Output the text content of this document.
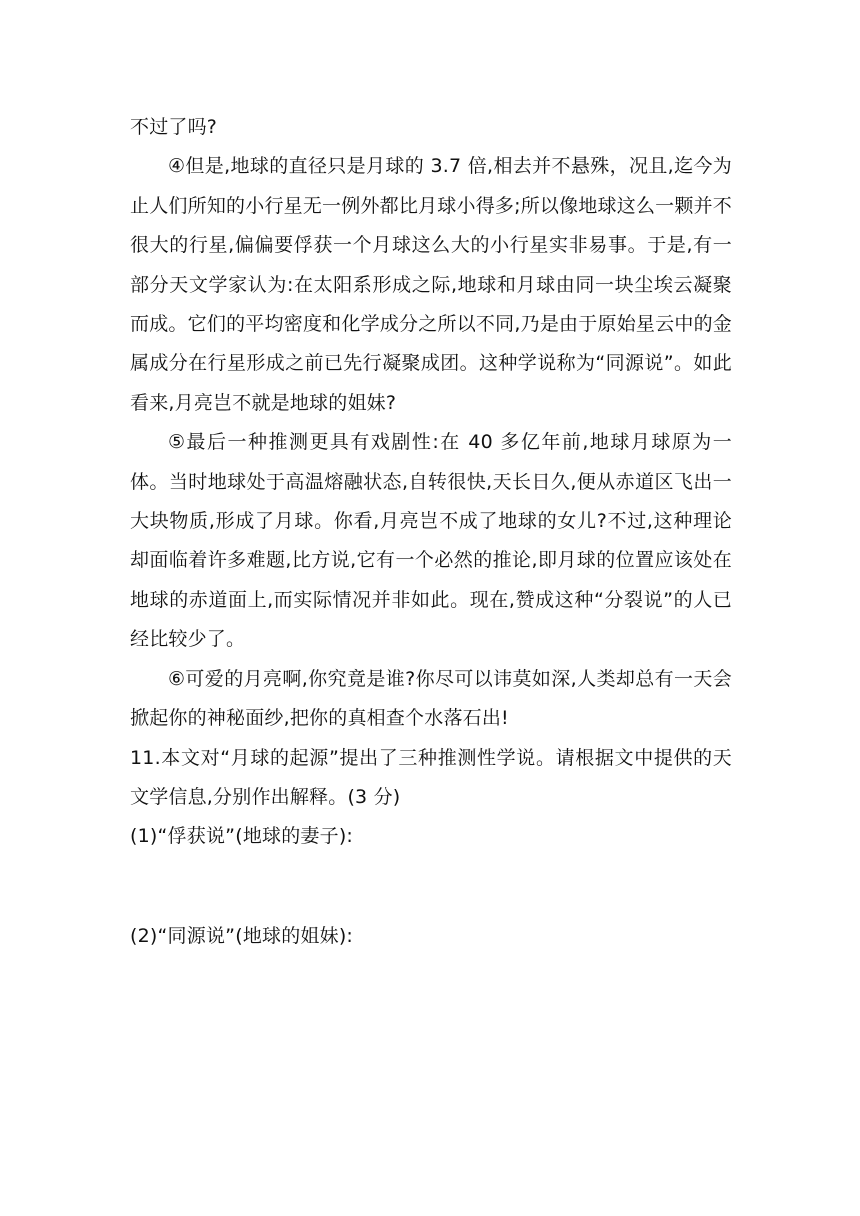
不过了吗?

④但是,地球的直径只是月球的 3.7 倍,相去并不悬殊，况且,迄今为止人们所知的小行星无一例外都比月球小得多;所以像地球这么一颗并不很大的行星,偏偏要俘获一个月球这么大的小行星实非易事。于是,有一部分天文学家认为:在太阳系形成之际,地球和月球由同一块尘埃云凝聚而成。它们的平均密度和化学成分之所以不同,乃是由于原始星云中的金属成分在行星形成之前已先行凝聚成团。这种学说称为“同源说”。如此看来,月亮岂不就是地球的姐妹?

⑤最后一种推测更具有戏剧性:在 40 多亿年前,地球月球原为一体。当时地球处于高温熔融状态,自转很快,天长日久,便从赤道区飞出一大块物质,形成了月球。你看,月亮岂不成了地球的女儿?不过,这种理论却面临着许多难题,比方说,它有一个必然的推论,即月球的位置应该处在地球的赤道面上,而实际情况并非如此。现在,赞成这种“分裂说”的人已经比较少了。

⑥可爱的月亮啊,你究竟是谁?你尽可以讳莫如深,人类却总有一天会掀起你的神秘面纱,把你的真相查个水落石出!

11.本文对“月球的起源”提出了三种推测性学说。请根据文中提供的天文学信息,分别作出解释。(3 分)

(1)“俘获说”(地球的妻子):

(2)“同源说”(地球的姐妹):
